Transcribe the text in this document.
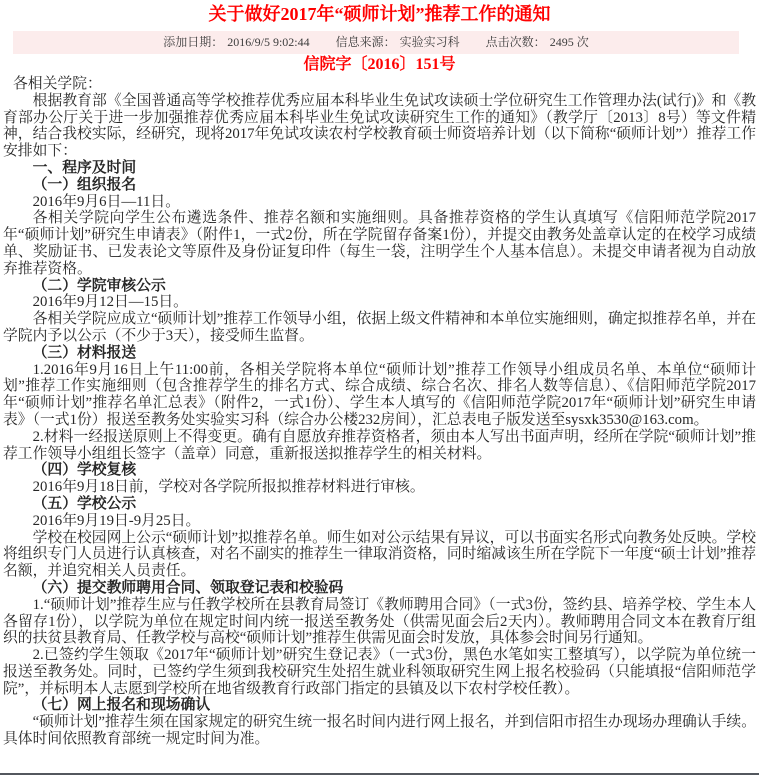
关于做好2017年“硕师计划”推荐工作的通知
添加日期： 2016/9/5 9:02:44 信息来源： 实验实习科 点击次数： 2495 次
信院字〔2016〕151号

各相关学院：

根据教育部《全国普通高等学校推荐优秀应届本科毕业生免试攻读硕士学位研究生工作管理办法(试行)》和《教育部办公厅关于进一步加强推荐优秀应届本科毕业生免试攻读研究生工作的通知》（教学厅〔2013〕8号）等文件精神，结合我校实际，经研究，现将2017年免试攻读农村学校教育硕士师资培养计划（以下简称“硕师计划”）推荐工作安排如下：

一、程序及时间

（一）组织报名

2016年9月6日—11日。

各相关学院向学生公布遴选条件、推荐名额和实施细则。具备推荐资格的学生认真填写《信阳师范学院2017年“硕师计划”研究生申请表》（附件1，一式2份，所在学院留存备案1份），并提交由教务处盖章认定的在校学习成绩单、奖励证书、已发表论文等原件及身份证复印件（每生一袋，注明学生个人基本信息）。未提交申请者视为自动放弃推荐资格。

（二）学院审核公示

2016年9月12日—15日。

各相关学院应成立“硕师计划”推荐工作领导小组，依据上级文件精神和本单位实施细则，确定拟推荐名单，并在学院内予以公示（不少于3天），接受师生监督。

（三）材料报送

1.2016年9月16日上午11:00前，各相关学院将本单位“硕师计划”推荐工作领导小组成员名单、本单位“硕师计划”推荐工作实施细则（包含推荐学生的排名方式、综合成绩、综合名次、排名人数等信息）、《信阳师范学院2017年“硕师计划”推荐名单汇总表》（附件2，一式1份）、学生本人填写的《信阳师范学院2017年“硕师计划”研究生申请表》（一式1份）报送至教务处实验实习科（综合办公楼232房间），汇总表电子版发送至sysxk3530@163.com。

2.材料一经报送原则上不得变更。确有自愿放弃推荐资格者，须由本人写出书面声明，经所在学院“硕师计划”推荐工作领导小组组长签字（盖章）同意，重新报送拟推荐学生的相关材料。

（四）学校复核

2016年9月18日前，学校对各学院所报拟推荐材料进行审核。

（五）学校公示

2016年9月19日-9月25日。

学校在校园网上公示“硕师计划”拟推荐名单。师生如对公示结果有异议，可以书面实名形式向教务处反映。学校将组织专门人员进行认真核查，对名不副实的推荐生一律取消资格，同时缩减该生所在学院下一年度“硕士计划”推荐名额，并追究相关人员责任。

（六）提交教师聘用合同、领取登记表和校验码

1.“硕师计划”推荐生应与任教学校所在县教育局签订《教师聘用合同》（一式3份，签约县、培养学校、学生本人各留存1份），以学院为单位在规定时间内统一报送至教务处（供需见面会后2天内）。教师聘用合同文本在教育厅组织的扶贫县教育局、任教学校与高校“硕师计划”推荐生供需见面会时发放，具体参会时间另行通知。

2.已签约学生领取《2017年“硕师计划”研究生登记表》（一式3份，黑色水笔如实工整填写），以学院为单位统一报送至教务处。同时，已签约学生须到我校研究生处招生就业科领取研究生网上报名校验码（只能填报“信阳师范学院”，并标明本人志愿到学校所在地省级教育行政部门指定的县镇及以下农村学校任教）。

（七）网上报名和现场确认

“硕师计划”推荐生须在国家规定的研究生统一报名时间内进行网上报名，并到信阳市招生办现场办理确认手续。具体时间依照教育部统一规定时间为准。
